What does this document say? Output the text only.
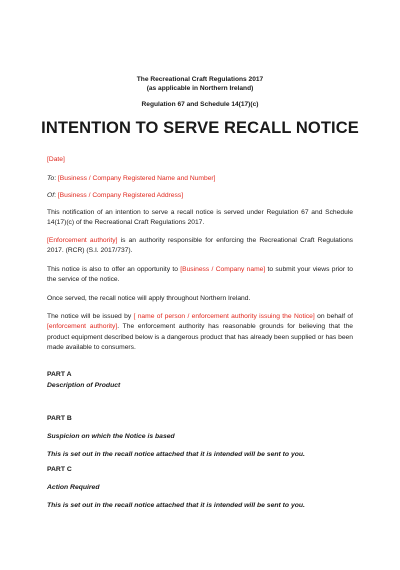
The Recreational Craft Regulations 2017
(as applicable in Northern Ireland)
Regulation 67 and Schedule 14(17)(c)
INTENTION TO SERVE RECALL NOTICE
[Date]
To: [Business / Company Registered Name and Number]
Of: [Business / Company Registered Address]
This notification of an intention to serve a recall notice is served under Regulation 67 and Schedule 14(17)(c) of the Recreational Craft Regulations 2017.
[Enforcement authority] is an authority responsible for enforcing the Recreational Craft Regulations 2017. (RCR) (S.I. 2017/737).
This notice is also to offer an opportunity to [Business / Company name] to submit your views prior to the service of the notice.
Once served, the recall notice will apply throughout Northern Ireland.
The notice will be issued by [ name of person / enforcement authority issuing the Notice] on behalf of [enforcement authority]. The enforcement authority has reasonable grounds for believing that the product equipment described below is a dangerous product that has already been supplied or has been made available to consumers.
PART A
Description of Product
PART B
Suspicion on which the Notice is based
This is set out in the recall notice attached that it is intended will be sent to you.
PART C
Action Required
This is set out in the recall notice attached that it is intended will be sent to you.
